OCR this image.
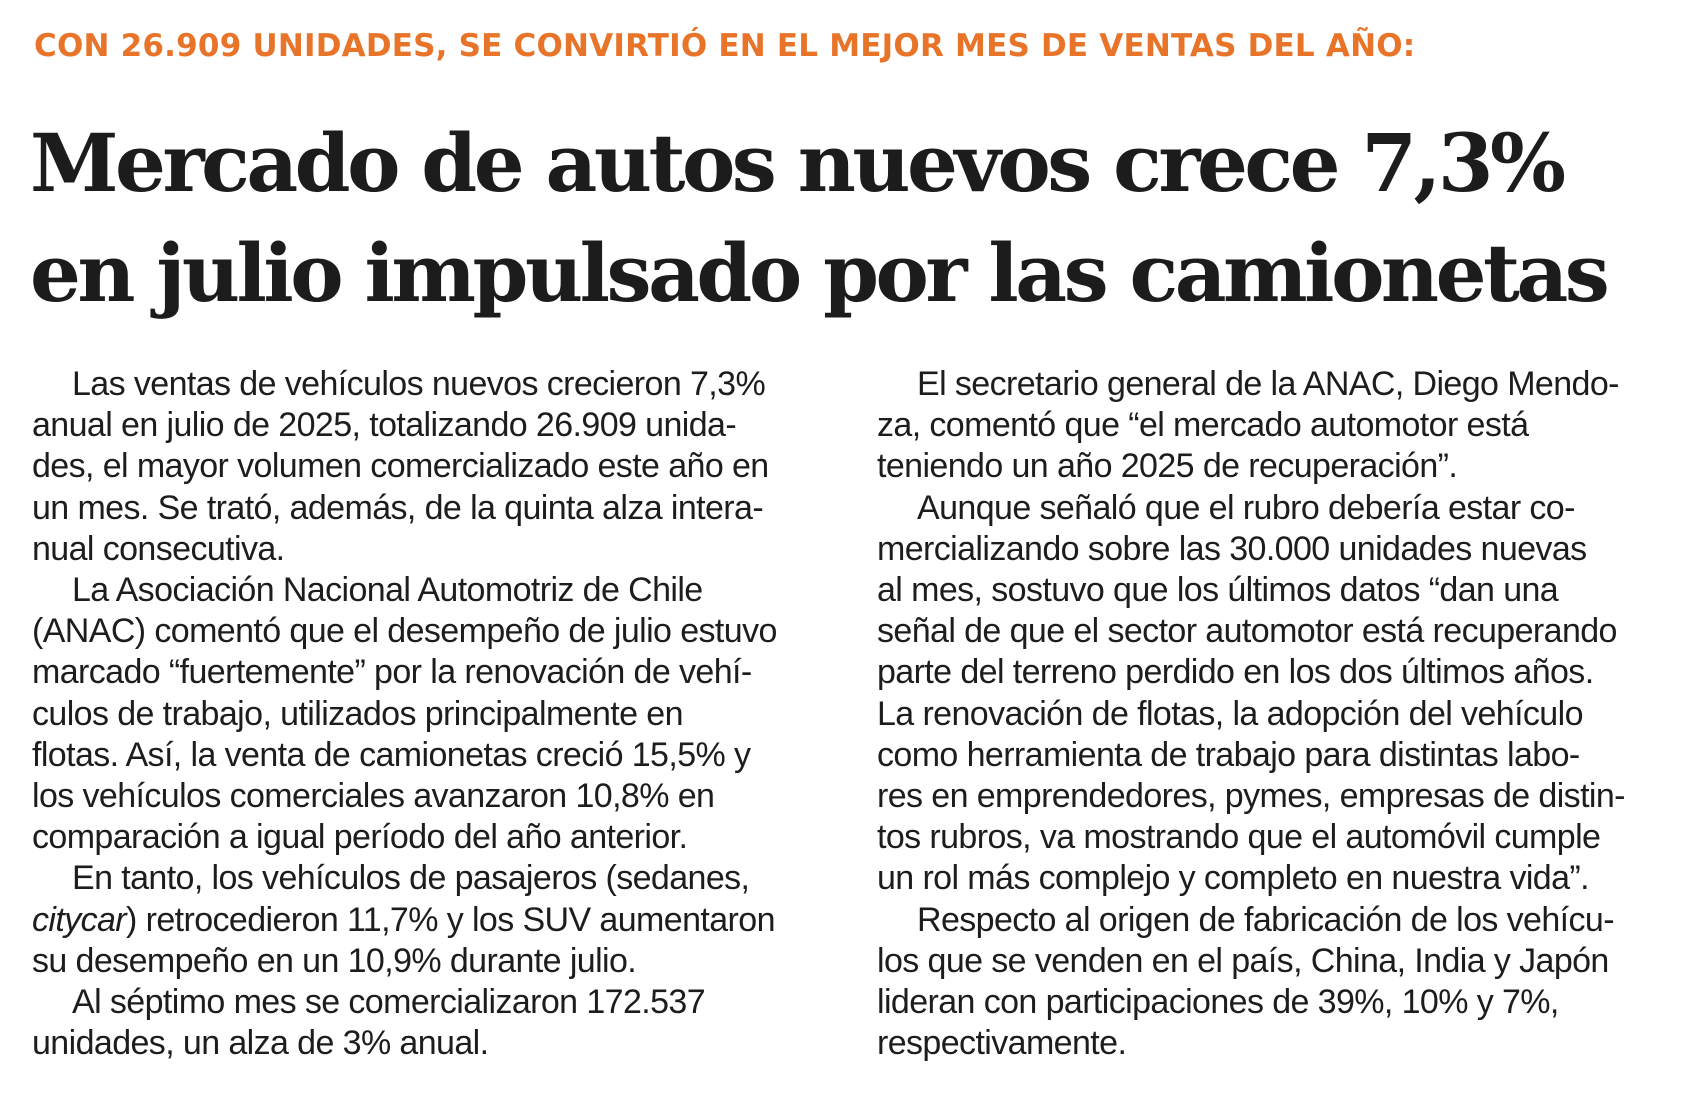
CON 26.909 UNIDADES, SE CONVIRTIÓ EN EL MEJOR MES DE VENTAS DEL AÑO:
Mercado de autos nuevos crece 7,3%
en julio impulsado por las camionetas

Las ventas de vehículos nuevos crecieron 7,3%
anual en julio de 2025, totalizando 26.909 unida-
des, el mayor volumen comercializado este año en
un mes. Se trató, además, de la quinta alza intera-
nual consecutiva.

La Asociación Nacional Automotriz de Chile
(ANAC) comentó que el desempeño de julio estuvo
marcado “fuertemente” por la renovación de vehí-
culos de trabajo, utilizados principalmente en
flotas. Así, la venta de camionetas creció 15,5% y
los vehículos comerciales avanzaron 10,8% en
comparación a igual período del año anterior.

En tanto, los vehículos de pasajeros (sedanes,
citycar) retrocedieron 11,7% y los SUV aumentaron
su desempeño en un 10,9% durante julio.

Al séptimo mes se comercializaron 172.537
unidades, un alza de 3% anual.

El secretario general de la ANAC, Diego Mendo-
za, comentó que “el mercado automotor está
teniendo un año 2025 de recuperación”.

Aunque señaló que el rubro debería estar co-
mercializando sobre las 30.000 unidades nuevas
al mes, sostuvo que los últimos datos “dan una
señal de que el sector automotor está recuperando
parte del terreno perdido en los dos últimos años.
La renovación de flotas, la adopción del vehículo
como herramienta de trabajo para distintas labo-
res en emprendedores, pymes, empresas de distin-
tos rubros, va mostrando que el automóvil cumple
un rol más complejo y completo en nuestra vida”.

Respecto al origen de fabricación de los vehícu-
los que se venden en el país, China, India y Japón
lideran con participaciones de 39%, 10% y 7%,
respectivamente.
